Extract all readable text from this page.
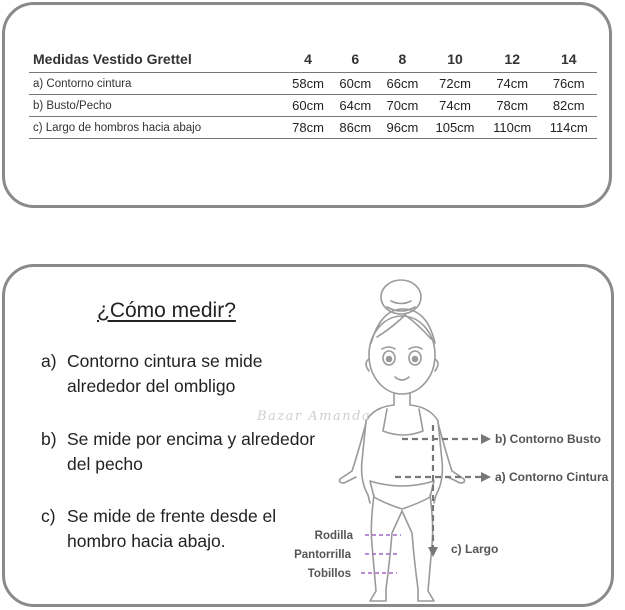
Medidas Vestido Grettel	4	6	8	10	12	14
a) Contorno cintura	58cm	60cm	66cm	72cm	74cm	76cm
b) Busto/Pecho	60cm	64cm	70cm	74cm	78cm	82cm
c) Largo de hombros hacia abajo	78cm	86cm	96cm	105cm	110cm	114cm
¿Cómo medir?
a) Contorno cintura se mide alrededor del ombligo
b) Se mide por encima y alrededor del pecho
c) Se mide de frente desde el hombro hacia abajo.
Bazar Amanda
b) Contorno Busto
a) Contorno Cintura
c) Largo
Rodilla
Pantorrilla
Tobillos
